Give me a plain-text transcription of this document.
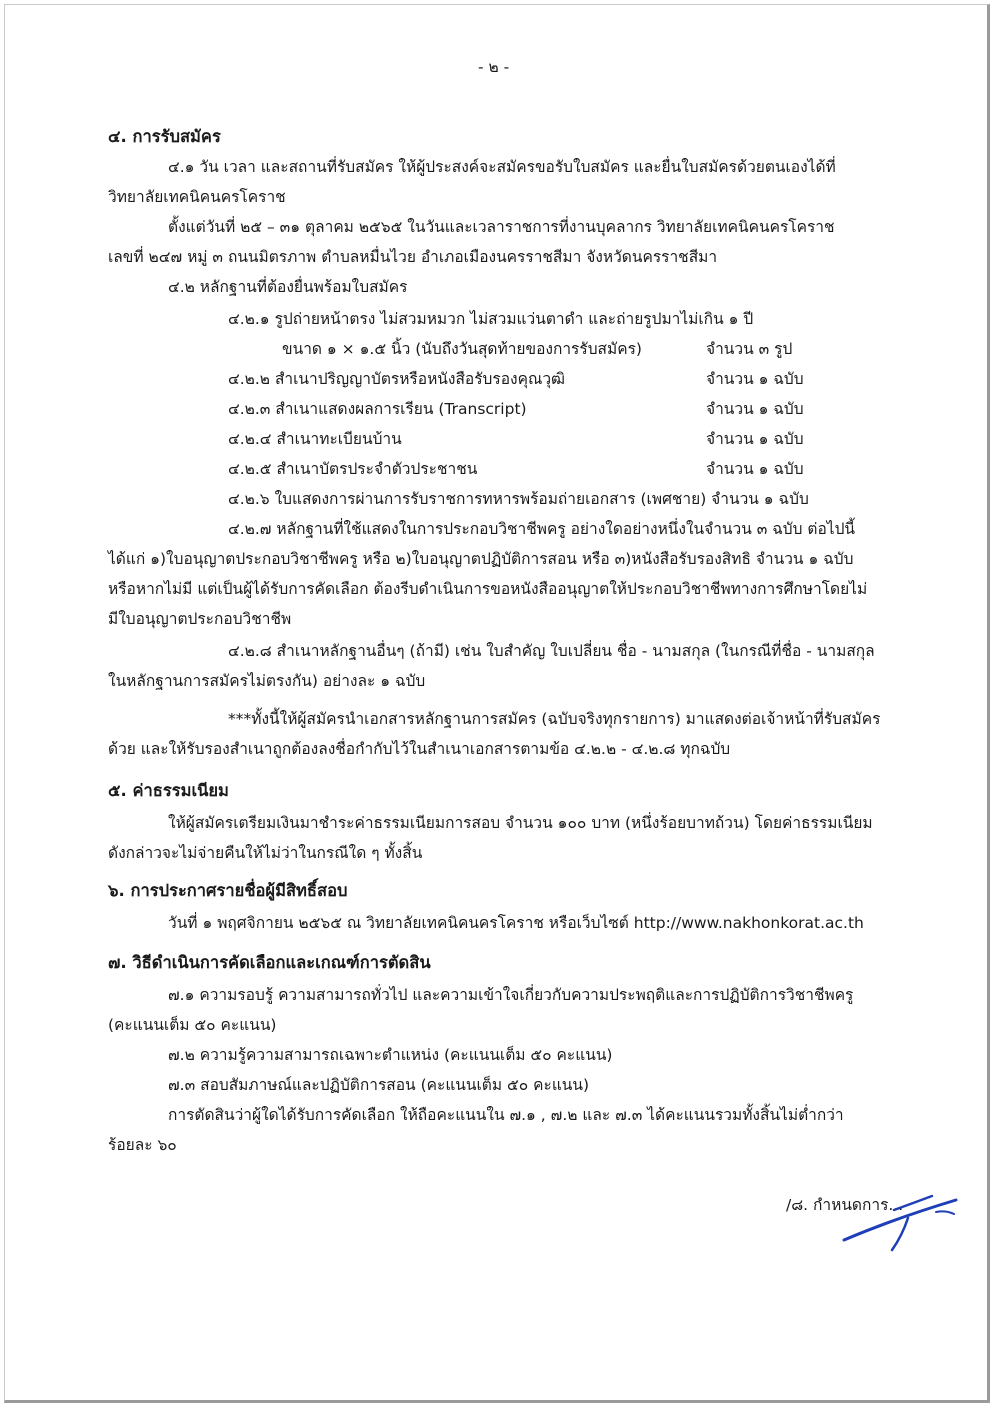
- ๒ -
๔. การรับสมัคร
๔.๑ วัน เวลา และสถานที่รับสมัคร ให้ผู้ประสงค์จะสมัครขอรับใบสมัคร และยื่นใบสมัครด้วยตนเองได้ที่
วิทยาลัยเทคนิคนครโคราช
ตั้งแต่วันที่ ๒๕ – ๓๑ ตุลาคม ๒๕๖๕ ในวันและเวลาราชการที่งานบุคลากร วิทยาลัยเทคนิคนครโคราช
เลขที่ ๒๔๗ หมู่ ๓ ถนนมิตรภาพ ตำบลหมื่นไวย อำเภอเมืองนครราชสีมา จังหวัดนครราชสีมา
๔.๒ หลักฐานที่ต้องยื่นพร้อมใบสมัคร
๔.๒.๑ รูปถ่ายหน้าตรง ไม่สวมหมวก ไม่สวมแว่นตาดำ และถ่ายรูปมาไม่เกิน ๑ ปี
ขนาด ๑ × ๑.๕ นิ้ว (นับถึงวันสุดท้ายของการรับสมัคร)	จำนวน ๓ รูป
๔.๒.๒ สำเนาปริญญาบัตรหรือหนังสือรับรองคุณวุฒิ	จำนวน ๑ ฉบับ
๔.๒.๓ สำเนาแสดงผลการเรียน (Transcript)	จำนวน ๑ ฉบับ
๔.๒.๔ สำเนาทะเบียนบ้าน	จำนวน ๑ ฉบับ
๔.๒.๕ สำเนาบัตรประจำตัวประชาชน	จำนวน ๑ ฉบับ
๔.๒.๖ ใบแสดงการผ่านการรับราชการทหารพร้อมถ่ายเอกสาร (เพศชาย) จำนวน ๑ ฉบับ
๔.๒.๗ หลักฐานที่ใช้แสดงในการประกอบวิชาชีพครู อย่างใดอย่างหนึ่งในจำนวน ๓ ฉบับ ต่อไปนี้
ได้แก่ ๑)ใบอนุญาตประกอบวิชาชีพครู หรือ ๒)ใบอนุญาตปฏิบัติการสอน หรือ ๓)หนังสือรับรองสิทธิ จำนวน ๑ ฉบับ
หรือหากไม่มี แต่เป็นผู้ได้รับการคัดเลือก ต้องรีบดำเนินการขอหนังสืออนุญาตให้ประกอบวิชาชีพทางการศึกษาโดยไม่
มีใบอนุญาตประกอบวิชาชีพ
๔.๒.๘ สำเนาหลักฐานอื่นๆ (ถ้ามี) เช่น ใบสำคัญ ใบเปลี่ยน ชื่อ - นามสกุล (ในกรณีที่ชื่อ - นามสกุล
ในหลักฐานการสมัครไม่ตรงกัน) อย่างละ ๑ ฉบับ
***ทั้งนี้ให้ผู้สมัครนำเอกสารหลักฐานการสมัคร (ฉบับจริงทุกรายการ) มาแสดงต่อเจ้าหน้าที่รับสมัคร
ด้วย และให้รับรองสำเนาถูกต้องลงชื่อกำกับไว้ในสำเนาเอกสารตามข้อ ๔.๒.๒ - ๔.๒.๘ ทุกฉบับ
๕. ค่าธรรมเนียม
ให้ผู้สมัครเตรียมเงินมาชำระค่าธรรมเนียมการสอบ จำนวน ๑๐๐ บาท (หนึ่งร้อยบาทถ้วน) โดยค่าธรรมเนียม
ดังกล่าวจะไม่จ่ายคืนให้ไม่ว่าในกรณีใด ๆ ทั้งสิ้น
๖. การประกาศรายชื่อผู้มีสิทธิ์สอบ
วันที่ ๑ พฤศจิกายน ๒๕๖๕ ณ วิทยาลัยเทคนิคนครโคราช หรือเว็บไซต์ http://www.nakhonkorat.ac.th
๗. วิธีดำเนินการคัดเลือกและเกณฑ์การตัดสิน
๗.๑ ความรอบรู้ ความสามารถทั่วไป และความเข้าใจเกี่ยวกับความประพฤติและการปฏิบัติการวิชาชีพครู
(คะแนนเต็ม ๕๐ คะแนน)
๗.๒ ความรู้ความสามารถเฉพาะตำแหน่ง (คะแนนเต็ม ๕๐ คะแนน)
๗.๓ สอบสัมภาษณ์และปฏิบัติการสอน (คะแนนเต็ม ๕๐ คะแนน)
การตัดสินว่าผู้ใดได้รับการคัดเลือก ให้ถือคะแนนใน ๗.๑ , ๗.๒ และ ๗.๓ ได้คะแนนรวมทั้งสิ้นไม่ต่ำกว่า
ร้อยละ ๖๐
/๘. กำหนดการ...
